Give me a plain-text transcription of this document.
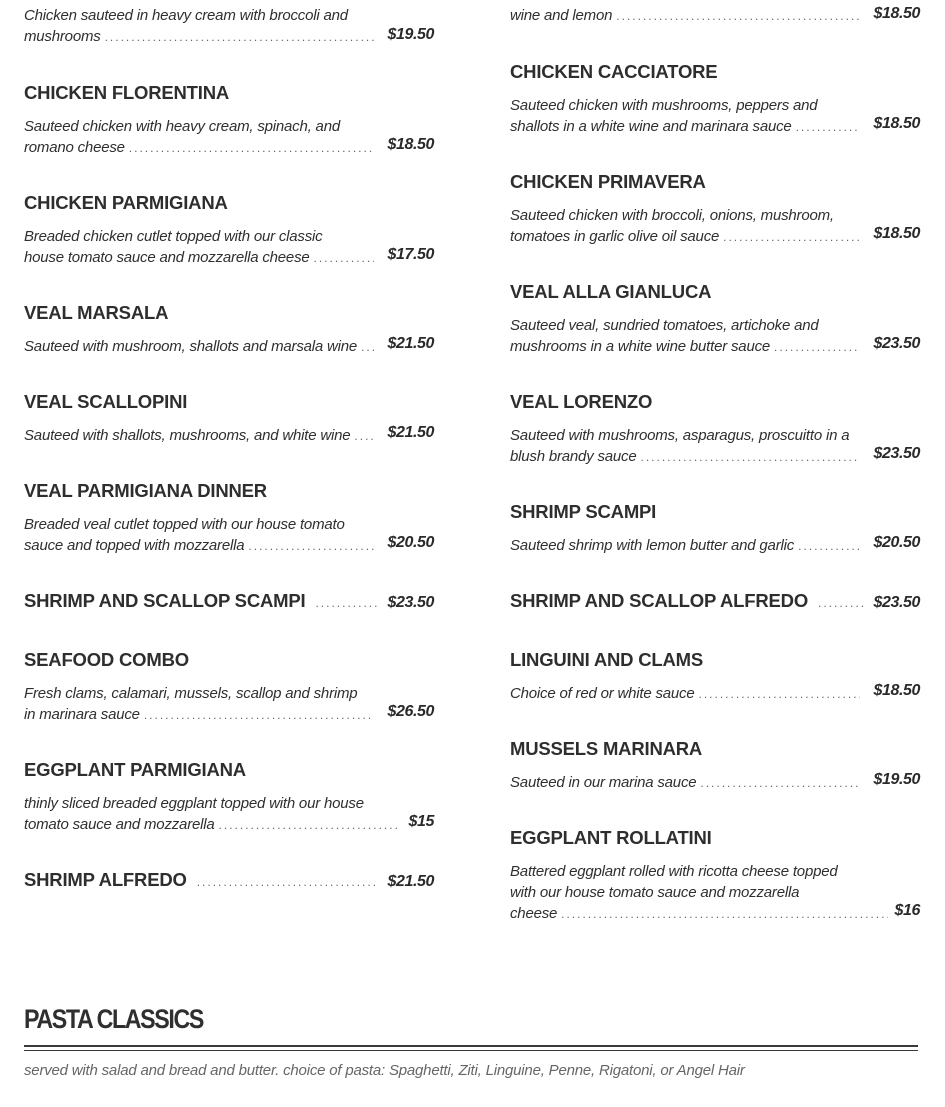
Chicken sauteed in heavy cream with broccoli and
mushrooms .....	$19.50
CHICKEN FLORENTINA
Sauteed chicken with heavy cream, spinach, and
romano cheese .....	$18.50
CHICKEN PARMIGIANA
Breaded chicken cutlet topped with our classic
house tomato sauce and mozzarella cheese .....	$17.50
VEAL MARSALA
Sauteed with mushroom, shallots and marsala wine ..... $21.50
VEAL SCALLOPINI
Sauteed with shallots, mushrooms, and white wine ..... $21.50
VEAL PARMIGIANA DINNER
Breaded veal cutlet topped with our house tomato
sauce and topped with mozzarella .....	$20.50
SHRIMP AND SCALLOP SCAMPI .....	$23.50
SEAFOOD COMBO
Fresh clams, calamari, mussels, scallop and shrimp
in marinara sauce .....	$26.50
EGGPLANT PARMIGIANA
thinly sliced breaded eggplant topped with our house
tomato sauce and mozzarella .....	$15
SHRIMP ALFREDO .....	$21.50
wine and lemon .....	$18.50
CHICKEN CACCIATORE
Sauteed chicken with mushrooms, peppers and
shallots in a white wine and marinara sauce .....	$18.50
CHICKEN PRIMAVERA
Sauteed chicken with broccoli, onions, mushroom,
tomatoes in garlic olive oil sauce .....	$18.50
VEAL ALLA GIANLUCA
Sauteed veal, sundried tomatoes, artichoke and
mushrooms in a white wine butter sauce .....	$23.50
VEAL LORENZO
Sauteed with mushrooms, asparagus, proscuitto in a
blush brandy sauce .....	$23.50
SHRIMP SCAMPI
Sauteed shrimp with lemon butter and garlic .....	$20.50
SHRIMP AND SCALLOP ALFREDO .....	$23.50
LINGUINI AND CLAMS
Choice of red or white sauce .....	$18.50
MUSSELS MARINARA
Sauteed in our marina sauce .....	$19.50
EGGPLANT ROLLATINI
Battered eggplant rolled with ricotta cheese topped
with our house tomato sauce and mozzarella
cheese .....	$16
PASTA CLASSICS
served with salad and bread and butter. choice of pasta: Spaghetti, Ziti, Linguine, Penne, Rigatoni, or Angel Hair
